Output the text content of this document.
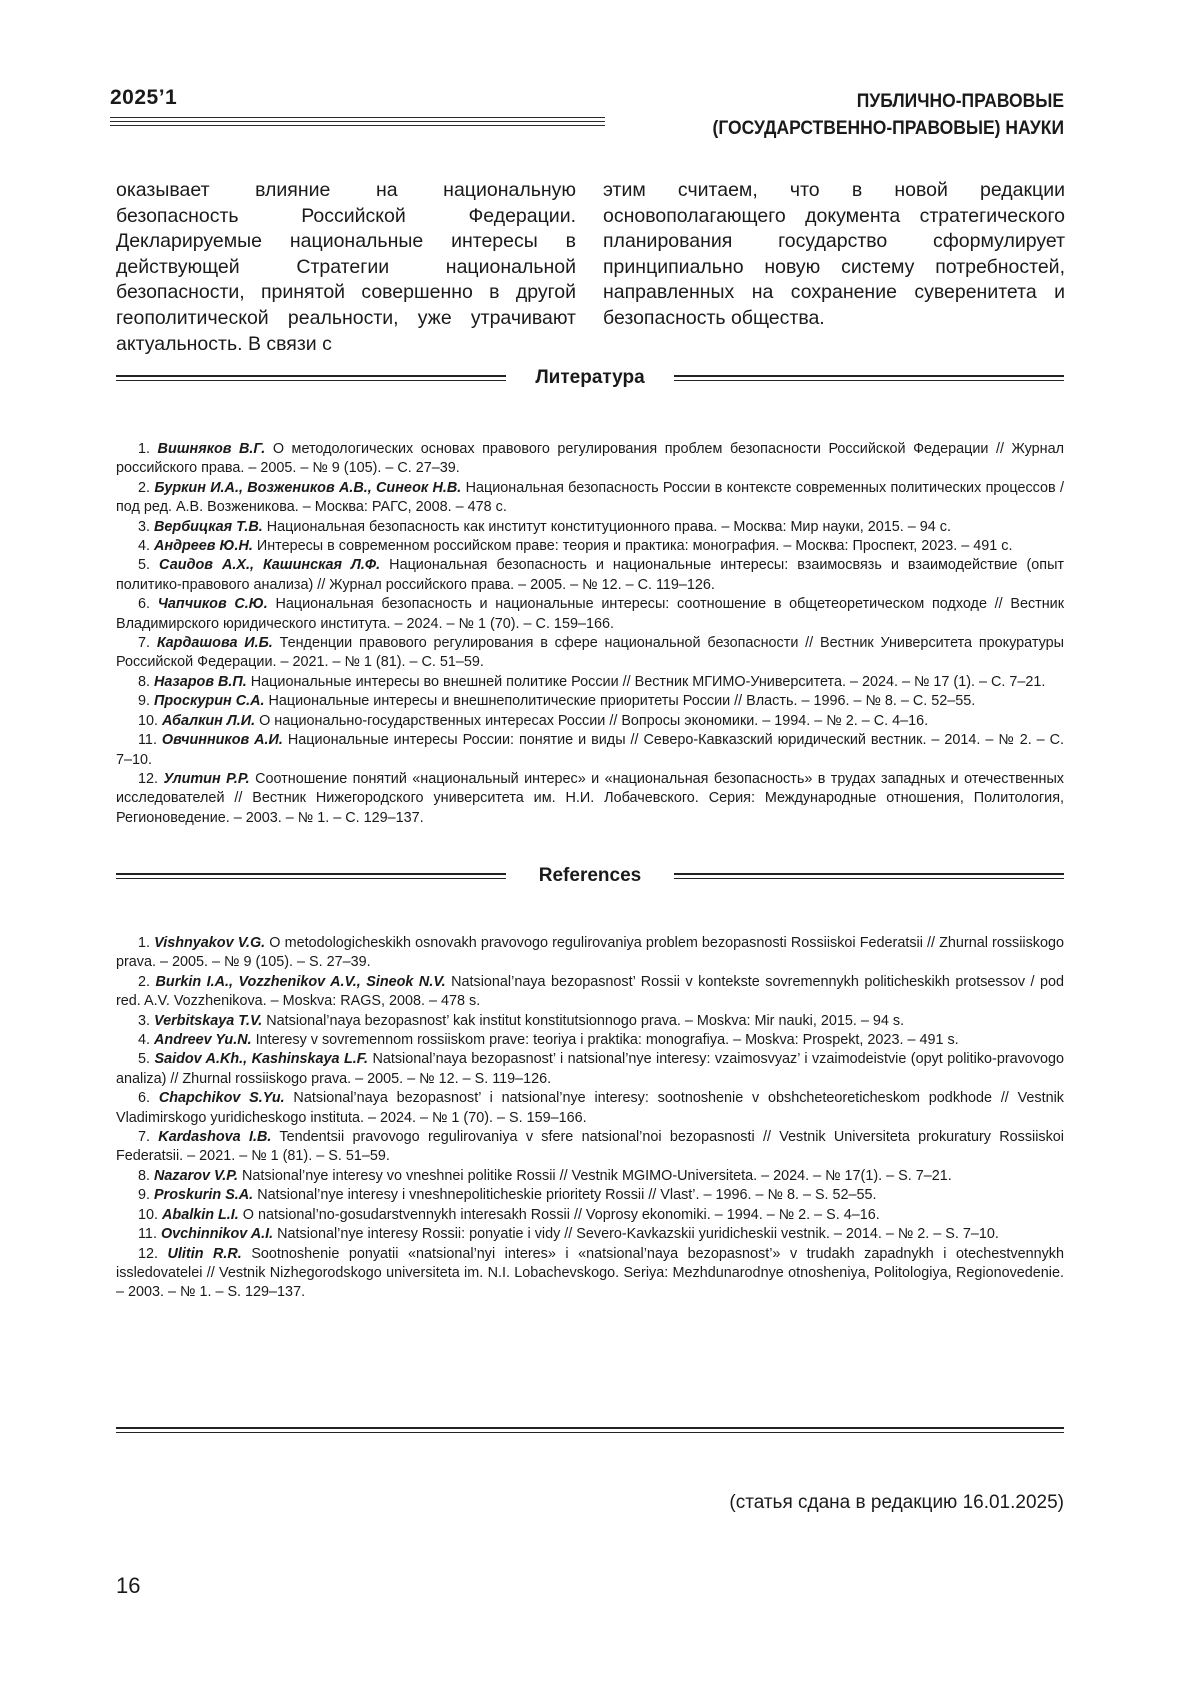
2025’1	ПУБЛИЧНО-ПРАВОВЫЕ
(ГОСУДАРСТВЕННО-ПРАВОВЫЕ) НАУКИ
оказывает влияние на национальную безопасность Российской Федерации. Декларируемые национальные интересы в действующей Стратегии национальной безопасности, принятой совершенно в другой геополитической реальности, уже утрачивают актуальность. В связи с
этим считаем, что в новой редакции основополагающего документа стратегического планирования государство сформулирует принципиально новую систему потребностей, направленных на сохранение суверенитета и безопасность общества.
Литература
1. Вишняков В.Г. О методологических основах правового регулирования проблем безопасности Российской Федерации // Журнал российского права. – 2005. – № 9 (105). – С. 27–39.
2. Буркин И.А., Возжеников А.В., Синеок Н.В. Национальная безопасность России в контексте современных политических процессов / под ред. А.В. Возженикова. – Москва: РАГС, 2008. – 478 с.
3. Вербицкая Т.В. Национальная безопасность как институт конституционного права. – Москва: Мир науки, 2015. – 94 с.
4. Андреев Ю.Н. Интересы в современном российском праве: теория и практика: монография. – Москва: Проспект, 2023. – 491 с.
5. Саидов А.Х., Кашинская Л.Ф. Национальная безопасность и национальные интересы: взаимосвязь и взаимодействие (опыт политико-правового анализа) // Журнал российского права. – 2005. – № 12. – С. 119–126.
6. Чапчиков С.Ю. Национальная безопасность и национальные интересы: соотношение в общетеоретическом подходе // Вестник Владимирского юридического института. – 2024. – № 1 (70). – С. 159–166.
7. Кардашова И.Б. Тенденции правового регулирования в сфере национальной безопасности // Вестник Университета прокуратуры Российской Федерации. – 2021. – № 1 (81). – С. 51–59.
8. Назаров В.П. Национальные интересы во внешней политике России // Вестник МГИМО-Университета. – 2024. – № 17 (1). – С. 7–21.
9. Проскурин С.А. Национальные интересы и внешнеполитические приоритеты России // Власть. – 1996. – № 8. – С. 52–55.
10. Абалкин Л.И. О национально-государственных интересах России // Вопросы экономики. – 1994. – № 2. – С. 4–16.
11. Овчинников А.И. Национальные интересы России: понятие и виды // Северо-Кавказский юридический вестник. – 2014. – № 2. – С. 7–10.
12. Улитин Р.Р. Соотношение понятий «национальный интерес» и «национальная безопасность» в трудах западных и отечественных исследователей // Вестник Нижегородского университета им. Н.И. Лобачевского. Серия: Международные отношения, Политология, Регионоведение. – 2003. – № 1. – С. 129–137.
References
1. Vishnyakov V.G. O metodologicheskikh osnovakh pravovogo regulirovaniya problem bezopasnosti Rossiiskoi Federatsii // Zhurnal rossiiskogo prava. – 2005. – № 9 (105). – S. 27–39.
2. Burkin I.A., Vozzhenikov A.V., Sineok N.V. Natsional’naya bezopasnost’ Rossii v kontekste sovremennykh politicheskikh protsessov / pod red. A.V. Vozzhenikova. – Moskva: RAGS, 2008. – 478 s.
3. Verbitskaya T.V. Natsional’naya bezopasnost’ kak institut konstitutsionnogo prava. – Moskva: Mir nauki, 2015. – 94 s.
4. Andreev Yu.N. Interesy v sovremennom rossiiskom prave: teoriya i praktika: monografiya. – Moskva: Prospekt, 2023. – 491 s.
5. Saidov A.Kh., Kashinskaya L.F. Natsional’naya bezopasnost’ i natsional’nye interesy: vzaimosvyaz’ i vzaimodeistvie (opyt politiko-pravovogo analiza) // Zhurnal rossiiskogo prava. – 2005. – № 12. – S. 119–126.
6. Chapchikov S.Yu. Natsional’naya bezopasnost’ i natsional’nye interesy: sootnoshenie v obshcheteoreticheskom podkhode // Vestnik Vladimirskogo yuridicheskogo instituta. – 2024. – № 1 (70). – S. 159–166.
7. Kardashova I.B. Tendentsii pravovogo regulirovaniya v sfere natsional’noi bezopasnosti // Vestnik Universiteta prokuratury Rossiiskoi Federatsii. – 2021. – № 1 (81). – S. 51–59.
8. Nazarov V.P. Natsional’nye interesy vo vneshnei politike Rossii // Vestnik MGIMO-Universiteta. – 2024. – № 17(1). – S. 7–21.
9. Proskurin S.A. Natsional’nye interesy i vneshnepoliticheskie prioritety Rossii // Vlast’. – 1996. – № 8. – S. 52–55.
10. Abalkin L.I. O natsional’no-gosudarstvennykh interesakh Rossii // Voprosy ekonomiki. – 1994. – № 2. – S. 4–16.
11. Ovchinnikov A.I. Natsional’nye interesy Rossii: ponyatie i vidy // Severo-Kavkazskii yuridicheskii vestnik. – 2014. – № 2. – S. 7–10.
12. Ulitin R.R. Sootnoshenie ponyatii «natsional’nyi interes» i «natsional’naya bezopasnost’» v trudakh zapadnykh i otechestvennykh issledovatelei // Vestnik Nizhegorodskogo universiteta im. N.I. Lobachevskogo. Seriya: Mezhdunarodnye otnosheniya, Politologiya, Regionovedenie. – 2003. – № 1. – S. 129–137.
(статья сдана в редакцию 16.01.2025)
16
